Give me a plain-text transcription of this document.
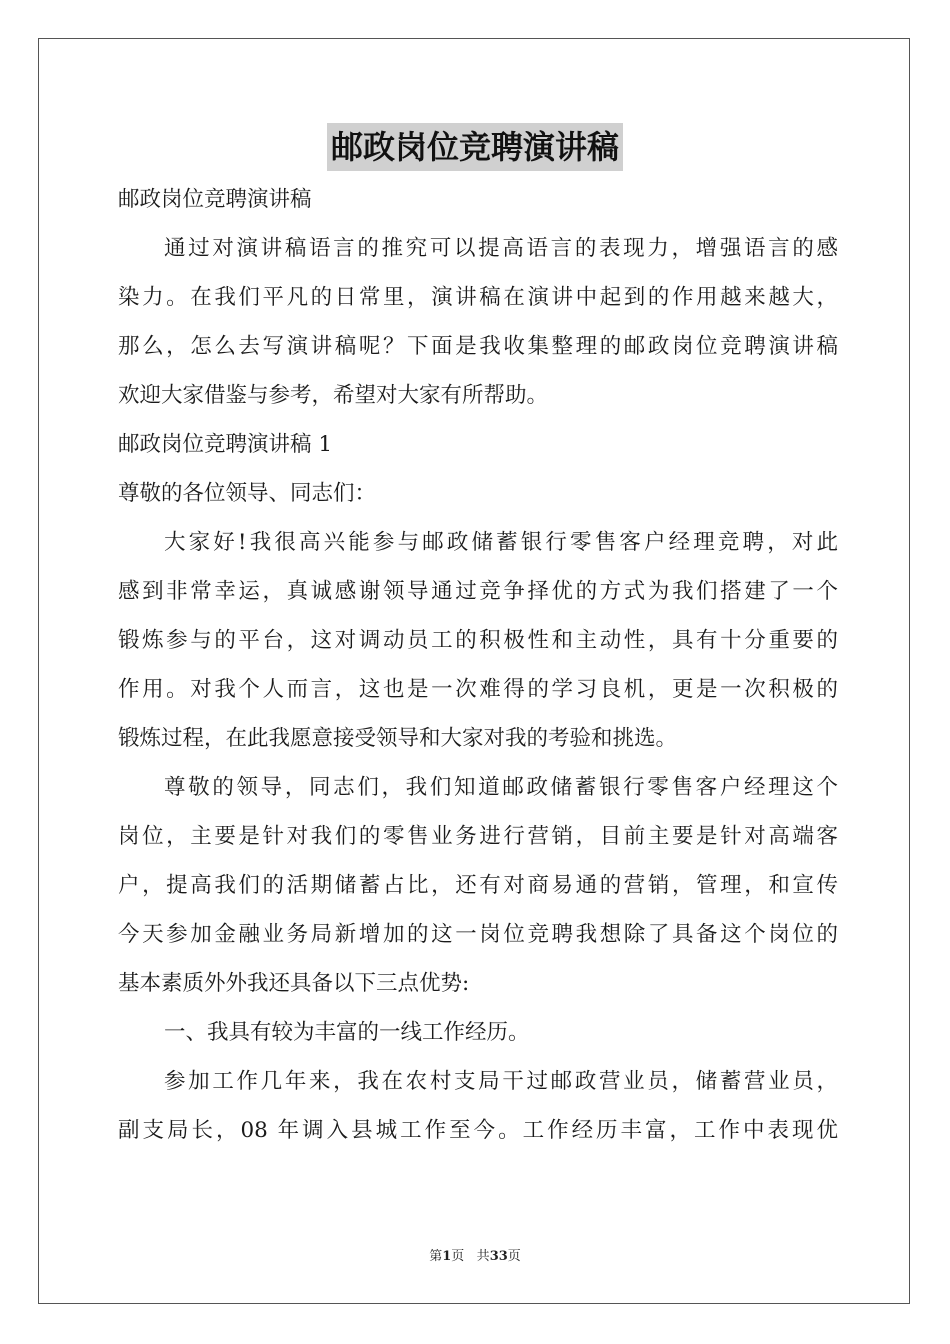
邮政岗位竞聘演讲稿
邮政岗位竞聘演讲稿
通过对演讲稿语言的推究可以提高语言的表现力，增强语言的感
染力。在我们平凡的日常里，演讲稿在演讲中起到的作用越来越大，
那么，怎么去写演讲稿呢？下面是我收集整理的邮政岗位竞聘演讲稿
欢迎大家借鉴与参考，希望对大家有所帮助。
邮政岗位竞聘演讲稿 1
尊敬的各位领导、同志们：
大家好!我很高兴能参与邮政储蓄银行零售客户经理竞聘，对此
感到非常幸运，真诚感谢领导通过竞争择优的方式为我们搭建了一个
锻炼参与的平台，这对调动员工的积极性和主动性，具有十分重要的
作用。对我个人而言，这也是一次难得的学习良机，更是一次积极的
锻炼过程，在此我愿意接受领导和大家对我的考验和挑选。
尊敬的领导，同志们，我们知道邮政储蓄银行零售客户经理这个
岗位，主要是针对我们的零售业务进行营销，目前主要是针对高端客
户，提高我们的活期储蓄占比，还有对商易通的营销，管理，和宣传
今天参加金融业务局新增加的这一岗位竞聘我想除了具备这个岗位的
基本素质外外我还具备以下三点优势:
一、我具有较为丰富的一线工作经历。
参加工作几年来，我在农村支局干过邮政营业员，储蓄营业员，
副支局长，08 年调入县城工作至今。工作经历丰富，工作中表现优
第1页 共33页
